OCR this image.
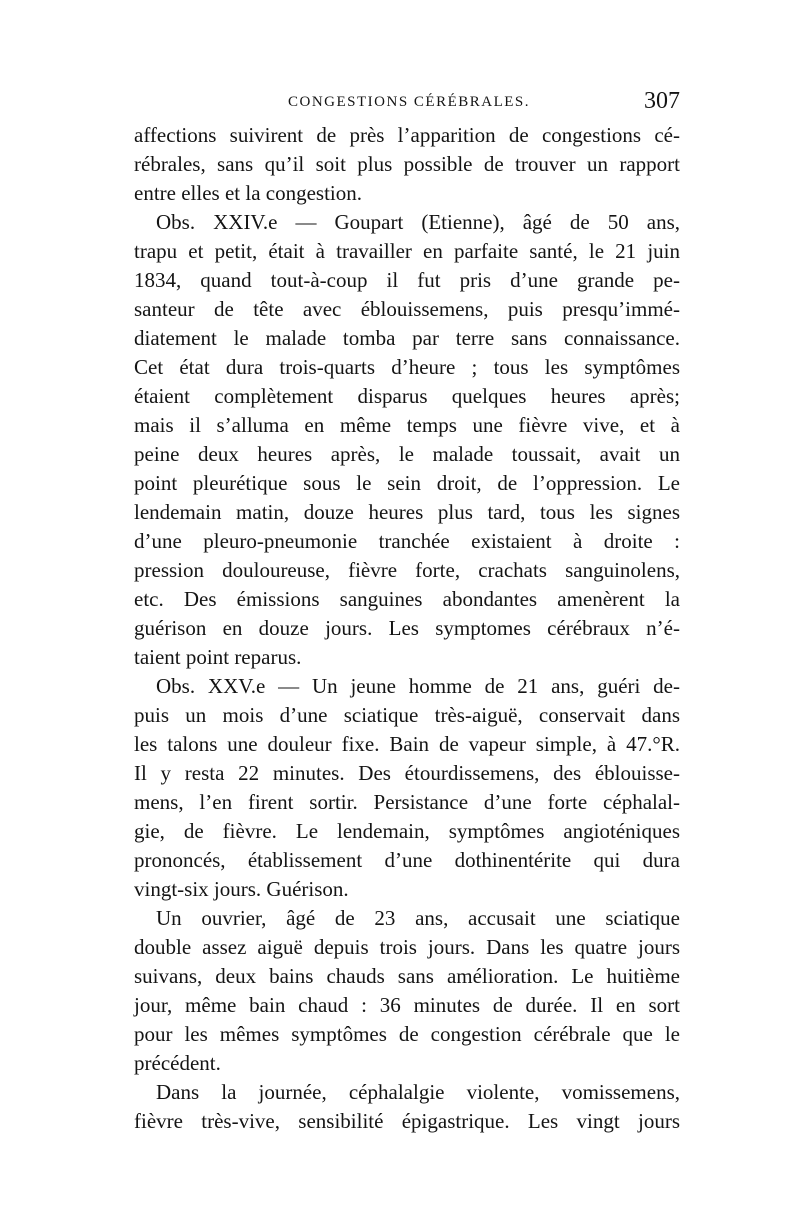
CONGESTIONS CÉRÉBRALES.	307
affections suivirent de près l’apparition de congestions cé-
rébrales, sans qu’il soit plus possible de trouver un rapport
entre elles et la congestion.
Obs. XXIV.e — Goupart (Etienne), âgé de 50 ans,
trapu et petit, était à travailler en parfaite santé, le 21 juin
1834, quand tout-à-coup il fut pris d’une grande pe-
santeur de tête avec éblouissemens, puis presqu’immé-
diatement le malade tomba par terre sans connaissance.
Cet état dura trois-quarts d’heure ; tous les symptômes
étaient complètement disparus quelques heures après;
mais il s’alluma en même temps une fièvre vive, et à
peine deux heures après, le malade toussait, avait un
point pleurétique sous le sein droit, de l’oppression. Le
lendemain matin, douze heures plus tard, tous les signes
d’une pleuro-pneumonie tranchée existaient à droite :
pression douloureuse, fièvre forte, crachats sanguinolens,
etc. Des émissions sanguines abondantes amenèrent la
guérison en douze jours. Les symptomes cérébraux n’é-
taient point reparus.
Obs. XXV.e — Un jeune homme de 21 ans, guéri de-
puis un mois d’une sciatique très-aiguë, conservait dans
les talons une douleur fixe. Bain de vapeur simple, à 47.°R.
Il y resta 22 minutes. Des étourdissemens, des éblouisse-
mens, l’en firent sortir. Persistance d’une forte céphalal-
gie, de fièvre. Le lendemain, symptômes angioténiques
prononcés, établissement d’une dothinentérite qui dura
vingt-six jours. Guérison.
Un ouvrier, âgé de 23 ans, accusait une sciatique
double assez aiguë depuis trois jours. Dans les quatre jours
suivans, deux bains chauds sans amélioration. Le huitième
jour, même bain chaud : 36 minutes de durée. Il en sort
pour les mêmes symptômes de congestion cérébrale que le
précédent.
Dans la journée, céphalalgie violente, vomissemens,
fièvre très-vive, sensibilité épigastrique. Les vingt jours
